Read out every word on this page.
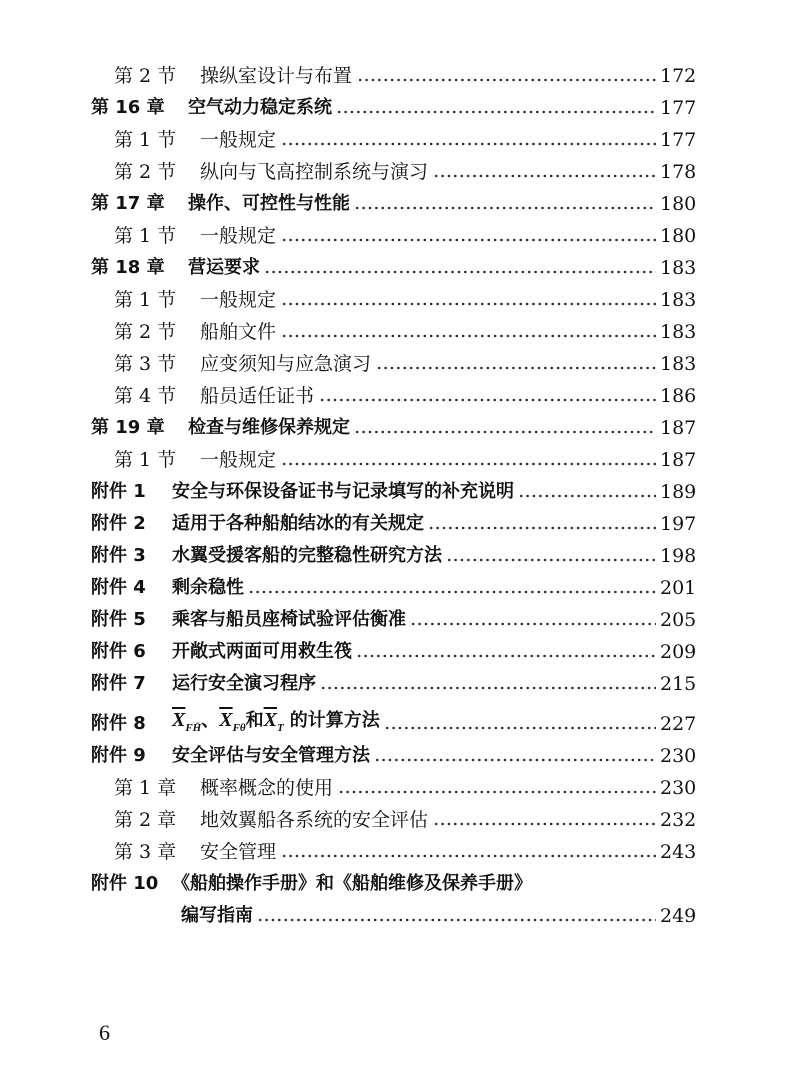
第 2 节	操纵室设计与布置	172
第 16 章	空气动力稳定系统	177
第 1 节	一般规定	177
第 2 节	纵向与飞高控制系统与演习	178
第 17 章	操作、可控性与性能	180
第 1 节	一般规定	180
第 18 章	营运要求	183
第 1 节	一般规定	183
第 2 节	船舶文件	183
第 3 节	应变须知与应急演习	183
第 4 节	船员适任证书	186
第 19 章	检查与维修保养规定	187
第 1 节	一般规定	187
附件 1	安全与环保设备证书与记录填写的补充说明	189
附件 2	适用于各种船舶结冰的有关规定	197
附件 3	水翼受援客船的完整稳性研究方法	198
附件 4	剩余稳性	201
附件 5	乘客与船员座椅试验评估衡准	205
附件 6	开敞式两面可用救生筏	209
附件 7	运行安全演习程序	215
附件 8	$\overline{X}_{FH̄}$、$\overline{X}_{F\theta}$和$\overline{X}_T$ 的计算方法	227
附件 9	安全评估与安全管理方法	230
第 1 章	概率概念的使用	230
第 2 章	地效翼船各系统的安全评估	232
第 3 章	安全管理	243
附件 10 《船舶操作手册》和《船舶维修及保养手册》
编写指南	249
6
